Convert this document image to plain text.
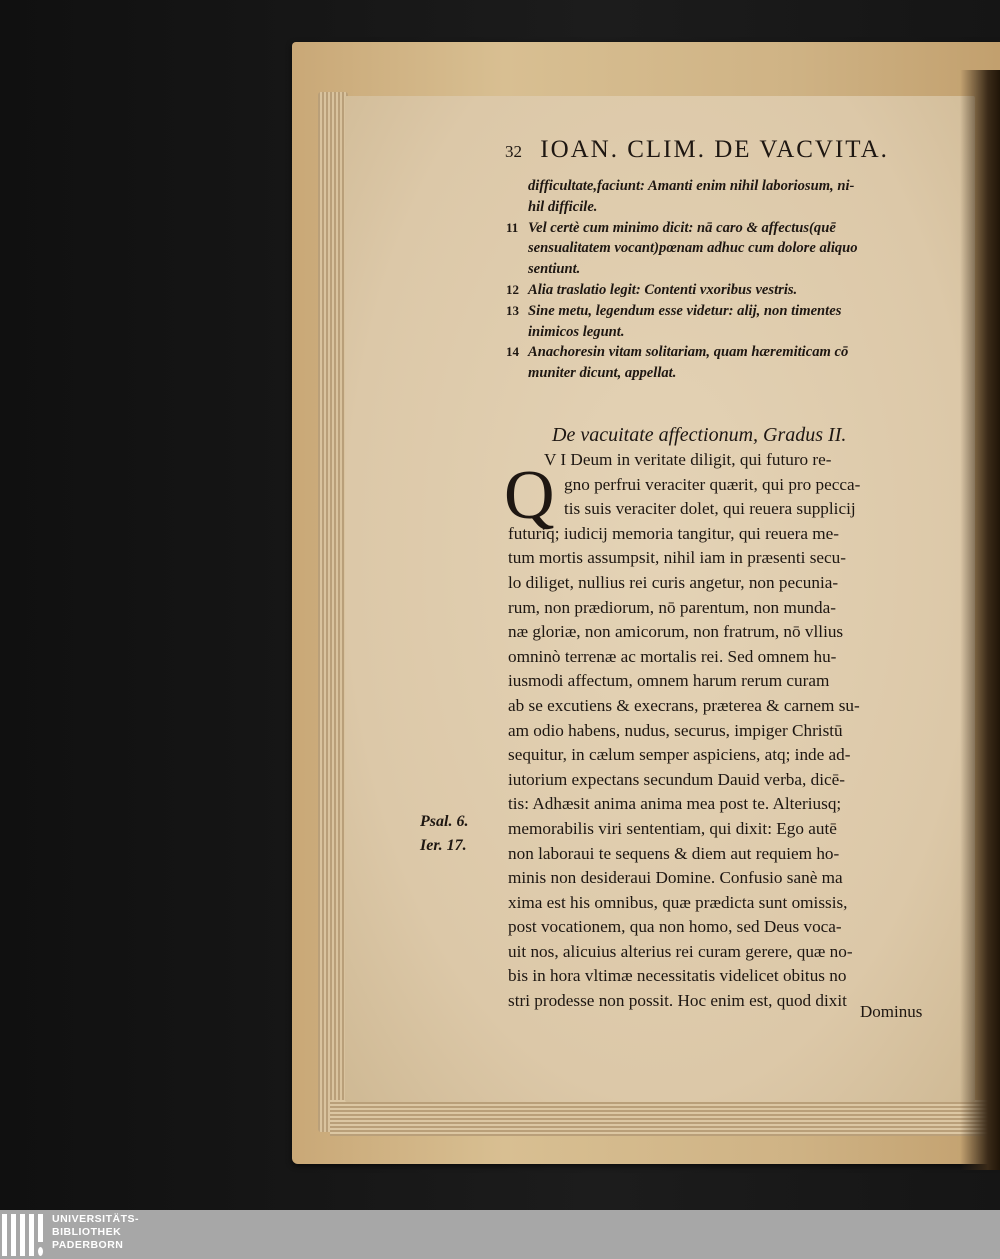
32 IOAN. CLIM. DE VACVITA.
difficultate,faciunt: Amanti enim nihil laboriosum, ni-
hil difficile.
11 Vel certè cum minimo dicit: nā caro & affectus(quē
sensualitatem vocant)pœnam adhuc cum dolore aliquo
sentiunt.
12 Alia traslatio legit: Contenti vxoribus vestris.
13 Sine metu, legendum esse videtur: alij, non timentes
inimicos legunt.
14 Anachoresin vitam solitariam, quam hæremiticam cō
muniter dicunt, appellat.
De vacuitate affectionum, Gradus II.
Q
V I Deum in veritate diligit, qui futuro re-
gno perfrui veraciter quærit, qui pro pecca-
tis suis veraciter dolet, qui reuera supplicij
futuriq; iudicij memoria tangitur, qui reuera me-
tum mortis assumpsit, nihil iam in præsenti secu-
lo diliget, nullius rei curis angetur, non pecunia-
rum, non prædiorum, nō parentum, non munda-
næ gloriæ, non amicorum, non fratrum, nō vllius
omninò terrenæ ac mortalis rei. Sed omnem hu-
iusmodi affectum, omnem harum rerum curam
ab se excutiens & execrans, præterea & carnem su-
am odio habens, nudus, securus, impiger Christū
sequitur, in cælum semper aspiciens, atq; inde ad-
iutorium expectans secundum Dauid verba, dicē-
tis: Adhæsit anima anima mea post te. Alteriusq;
memorabilis viri sententiam, qui dixit: Ego autē
non laboraui te sequens & diem aut requiem ho-
minis non desideraui Domine. Confusio sanè ma
xima est his omnibus, quæ prædicta sunt omissis,
post vocationem, qua non homo, sed Deus voca-
uit nos, alicuius alterius rei curam gerere, quæ no-
bis in hora vltimæ necessitatis videlicet obitus no
stri prodesse non possit. Hoc enim est, quod dixit
Dominus
Psal. 6.
Ier. 17.
UNIVERSITÄTS-
BIBLIOTHEK
PADERBORN
